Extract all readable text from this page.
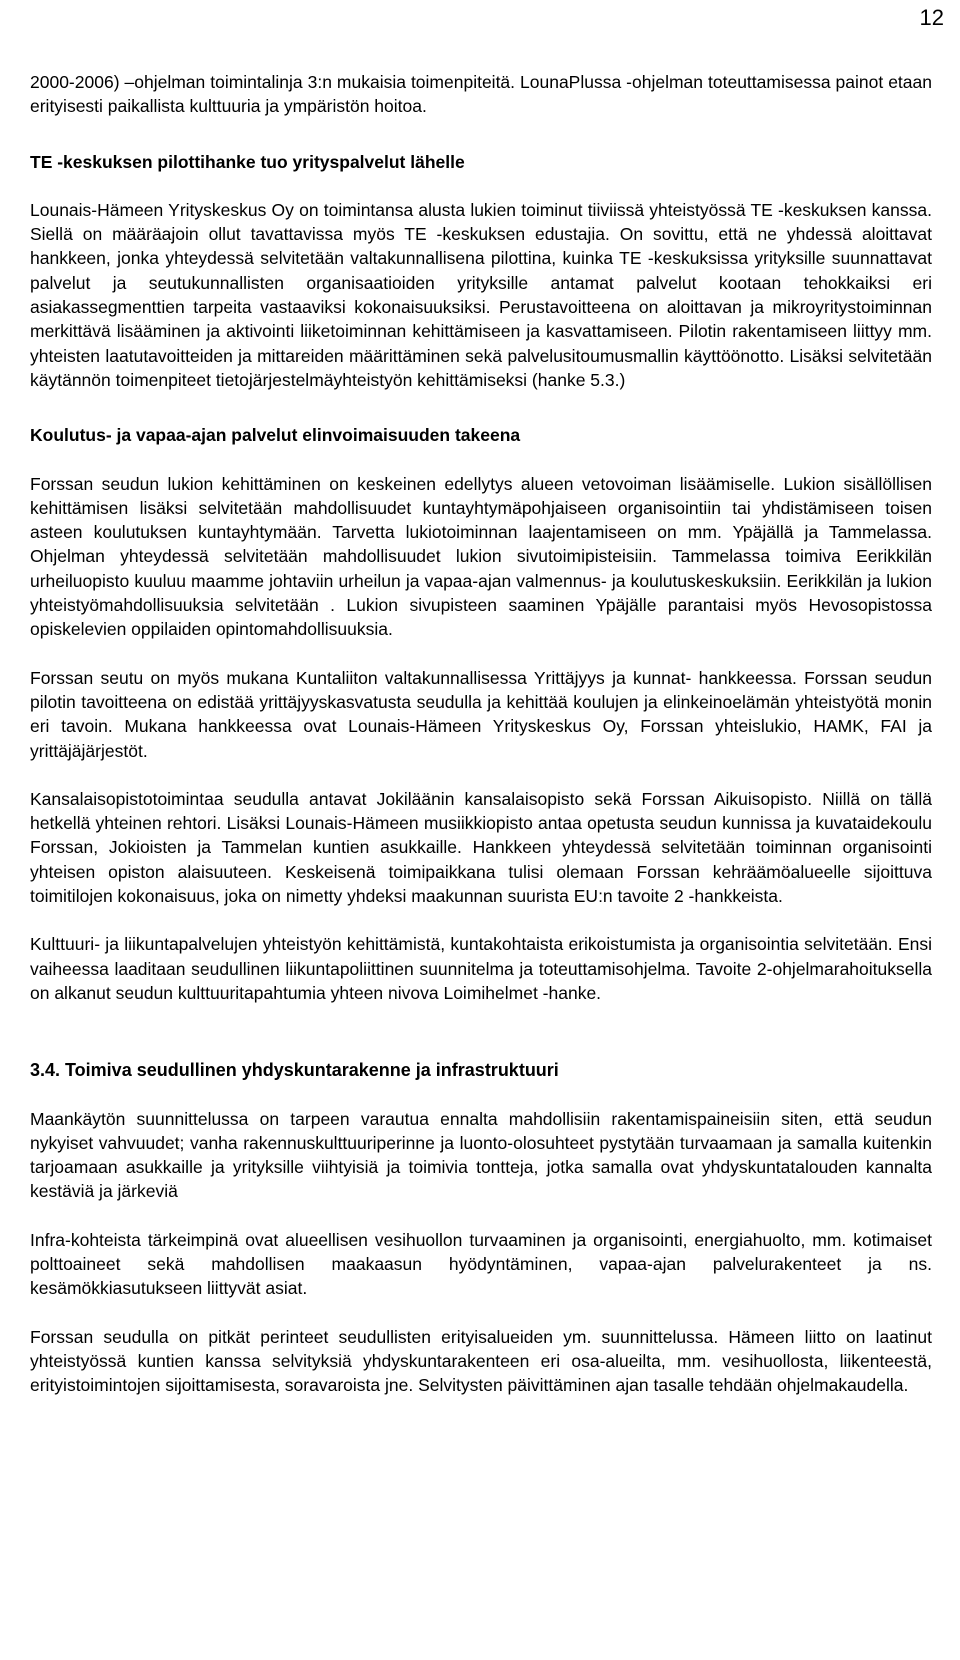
12

2000-2006) –ohjelman toimintalinja 3:n mukaisia toimenpiteitä. LounaPlussa -ohjelman toteuttamisessa painot etaan erityisesti paikallista kulttuuria ja ympäristön hoitoa.

TE -keskuksen pilottihanke tuo yrityspalvelut lähelle

Lounais-Hämeen Yrityskeskus Oy on toimintansa alusta lukien toiminut tiiviissä yhteistyössä TE -keskuksen kanssa. Siellä on määräajoin ollut tavattavissa myös TE -keskuksen edustajia. On sovittu, että ne yhdessä aloittavat hankkeen, jonka yhteydessä selvitetään valtakunnallisena pilottina, kuinka TE -keskuksissa yrityksille suunnattavat palvelut ja seutukunnallisten organisaatioiden yrityksille antamat palvelut kootaan tehokkaiksi eri asiakassegmenttien tarpeita vastaaviksi kokonaisuuksiksi. Perustavoitteena on aloittavan ja mikroyritystoiminnan merkittävä lisääminen ja aktivointi liiketoiminnan kehittämiseen ja kasvattamiseen. Pilotin rakentamiseen liittyy mm. yhteisten laatutavoitteiden ja mittareiden määrittäminen sekä palvelusitoumusmallin käyttöönotto. Lisäksi selvitetään käytännön toimenpiteet tietojärjestelmäyhteistyön kehittämiseksi (hanke 5.3.)

Koulutus- ja vapaa-ajan palvelut elinvoimaisuuden takeena

Forssan seudun lukion kehittäminen on keskeinen edellytys alueen vetovoiman lisäämiselle. Lukion sisällöllisen kehittämisen lisäksi selvitetään mahdollisuudet kuntayhtymäpohjaiseen organisointiin tai yhdistämiseen toisen asteen koulutuksen kuntayhtymään. Tarvetta lukiotoiminnan laajentamiseen on mm. Ypäjällä ja Tammelassa. Ohjelman yhteydessä selvitetään mahdollisuudet lukion sivutoimipisteisiin. Tammelassa toimiva Eerikkilän urheiluopisto kuuluu maamme johtaviin urheilun ja vapaa-ajan valmennus- ja koulutuskeskuksiin. Eerikkilän ja lukion yhteistyömahdollisuuksia selvitetään . Lukion sivupisteen saaminen Ypäjälle parantaisi myös Hevosopistossa opiskelevien oppilaiden opintomahdollisuuksia.

Forssan seutu on myös mukana Kuntaliiton valtakunnallisessa Yrittäjyys ja kunnat- hankkeessa. Forssan seudun pilotin tavoitteena on edistää yrittäjyyskasvatusta seudulla ja kehittää koulujen ja elinkeinoelämän yhteistyötä monin eri tavoin. Mukana hankkeessa ovat Lounais-Hämeen Yrityskeskus Oy, Forssan yhteislukio, HAMK, FAI ja yrittäjäjärjestöt.

Kansalaisopistotoimintaa seudulla antavat Jokiläänin kansalaisopisto sekä Forssan Aikuisopisto. Niillä on tällä hetkellä yhteinen rehtori. Lisäksi Lounais-Hämeen musiikkiopisto antaa opetusta seudun kunnissa ja kuvataidekoulu Forssan, Jokioisten ja Tammelan kuntien asukkaille. Hankkeen yhteydessä selvitetään toiminnan organisointi yhteisen opiston alaisuuteen. Keskeisenä toimipaikkana tulisi olemaan Forssan kehräämöalueelle sijoittuva toimitilojen kokonaisuus, joka on nimetty yhdeksi maakunnan suurista EU:n tavoite 2 -hankkeista.

Kulttuuri- ja liikuntapalvelujen yhteistyön kehittämistä, kuntakohtaista erikoistumista ja organisointia selvitetään. Ensi vaiheessa laaditaan seudullinen liikuntapoliittinen suunnitelma ja toteuttamisohjelma. Tavoite 2-ohjelmarahoituksella on alkanut seudun kulttuuritapahtumia yhteen nivova Loimihelmet -hanke.

3.4. Toimiva seudullinen yhdyskuntarakenne ja infrastruktuuri

Maankäytön suunnittelussa on tarpeen varautua ennalta mahdollisiin rakentamispaineisiin siten, että seudun nykyiset vahvuudet; vanha rakennuskulttuuriperinne ja luonto-olosuhteet pystytään turvaamaan ja samalla kuitenkin tarjoamaan asukkaille ja yrityksille viihtyisiä ja toimivia tontteja, jotka samalla ovat yhdyskuntatalouden kannalta kestäviä ja järkeviä

Infra-kohteista tärkeimpinä ovat alueellisen vesihuollon turvaaminen ja organisointi, energiahuolto, mm. kotimaiset polttoaineet sekä mahdollisen maakaasun hyödyntäminen, vapaa-ajan palvelurakenteet ja ns. kesämökkiasutukseen liittyvät asiat.

Forssan seudulla on pitkät perinteet seudullisten erityisalueiden ym. suunnittelussa. Hämeen liitto on laatinut yhteistyössä kuntien kanssa selvityksiä yhdyskuntarakenteen eri osa-alueilta, mm. vesihuollosta, liikenteestä, erityistoimintojen sijoittamisesta, soravaroista jne. Selvitysten päivittäminen ajan tasalle tehdään ohjelmakaudella.
